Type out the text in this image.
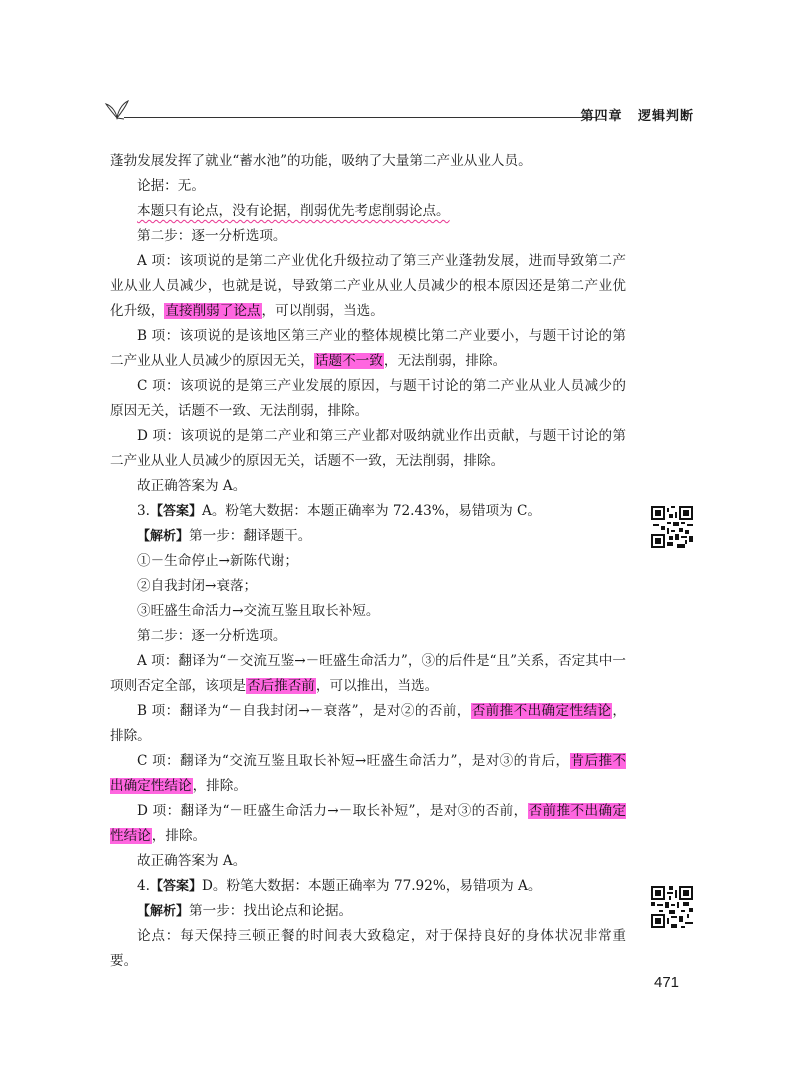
第四章 逻辑判断

蓬勃发展发挥了就业“蓄水池”的功能，吸纳了大量第二产业从业人员。

论据：无。

本题只有论点，没有论据，削弱优先考虑削弱论点。

第二步：逐一分析选项。

A 项：该项说的是第二产业优化升级拉动了第三产业蓬勃发展，进而导致第二产业从业人员减少，也就是说，导致第二产业从业人员减少的根本原因还是第二产业优化升级，直接削弱了论点，可以削弱，当选。

B 项：该项说的是该地区第三产业的整体规模比第二产业要小，与题干讨论的第二产业从业人员减少的原因无关，话题不一致，无法削弱，排除。

C 项：该项说的是第三产业发展的原因，与题干讨论的第二产业从业人员减少的原因无关，话题不一致、无法削弱，排除。

D 项：该项说的是第二产业和第三产业都对吸纳就业作出贡献，与题干讨论的第二产业从业人员减少的原因无关，话题不一致，无法削弱，排除。

故正确答案为 A。

3.【答案】A。粉笔大数据：本题正确率为 72.43%，易错项为 C。

【解析】第一步：翻译题干。

①－生命停止→新陈代谢；

②自我封闭→衰落；

③旺盛生命活力→交流互鉴且取长补短。

第二步：逐一分析选项。

A 项：翻译为“－交流互鉴→－旺盛生命活力”，③的后件是“且”关系，否定其中一项则否定全部，该项是否后推否前，可以推出，当选。

B 项：翻译为“－自我封闭→－衰落”，是对②的否前，否前推不出确定性结论，排除。

C 项：翻译为“交流互鉴且取长补短→旺盛生命活力”，是对③的肯后，肯后推不出确定性结论，排除。

D 项：翻译为“－旺盛生命活力→－取长补短”，是对③的否前，否前推不出确定性结论，排除。

故正确答案为 A。

4.【答案】D。粉笔大数据：本题正确率为 77.92%，易错项为 A。

【解析】第一步：找出论点和论据。

论点：每天保持三顿正餐的时间表大致稳定，对于保持良好的身体状况非常重要。

471
